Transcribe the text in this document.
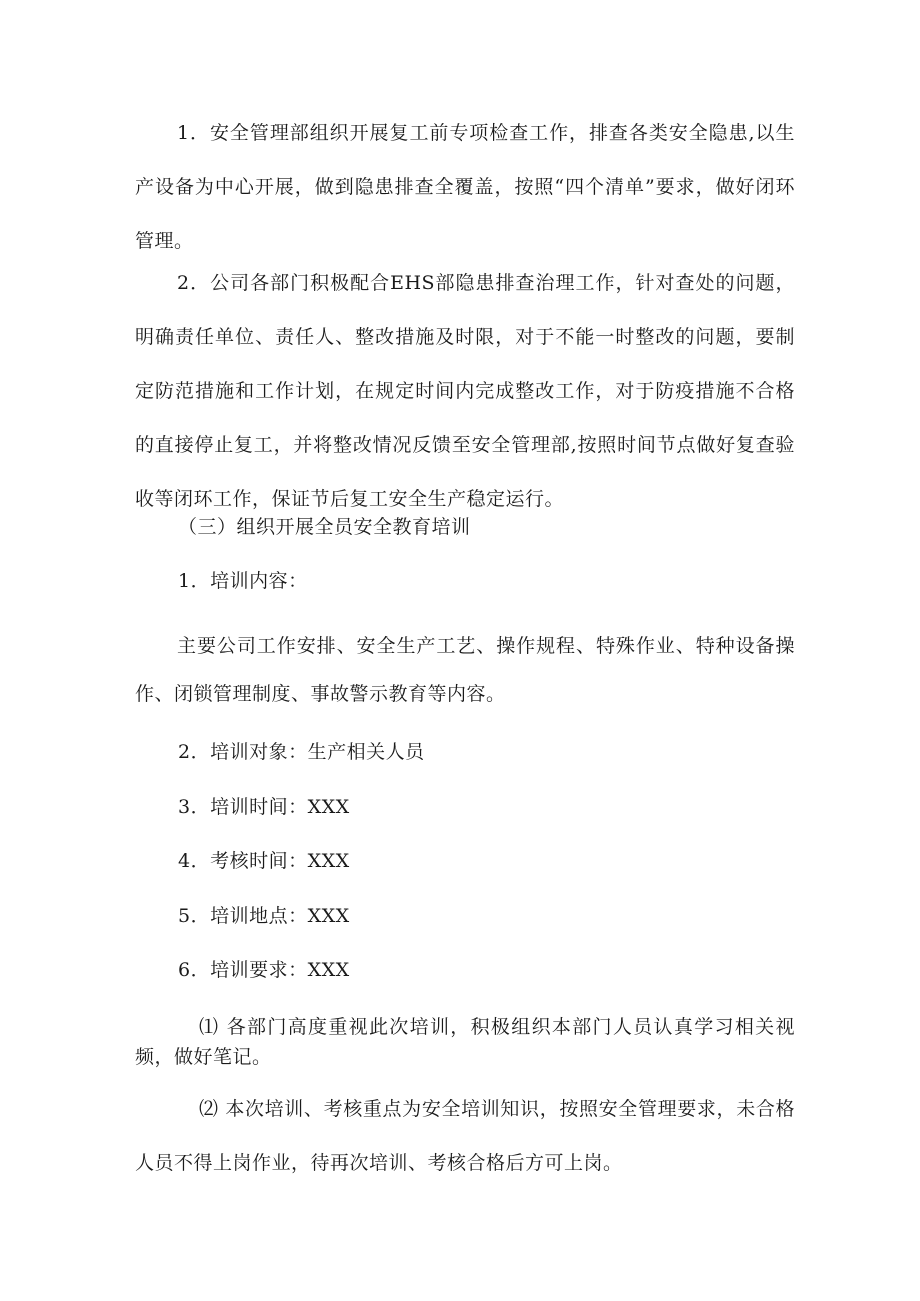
1．安全管理部组织开展复工前专项检查工作，排查各类安全隐患,以生产设备为中心开展，做到隐患排查全覆盖，按照“四个清单”要求，做好闭环管理。

2．公司各部门积极配合EHS部隐患排查治理工作，针对查处的问题，明确责任单位、责任人、整改措施及时限，对于不能一时整改的问题，要制定防范措施和工作计划，在规定时间内完成整改工作，对于防疫措施不合格的直接停止复工，并将整改情况反馈至安全管理部,按照时间节点做好复查验收等闭环工作，保证节后复工安全生产稳定运行。

（三）组织开展全员安全教育培训

1．培训内容：

主要公司工作安排、安全生产工艺、操作规程、特殊作业、特种设备操作、闭锁管理制度、事故警示教育等内容。

2．培训对象：生产相关人员

3．培训时间：XXX

4．考核时间：XXX

5．培训地点：XXX

6．培训要求：XXX

⑴ 各部门高度重视此次培训，积极组织本部门人员认真学习相关视频，做好笔记。

⑵ 本次培训、考核重点为安全培训知识，按照安全管理要求，未合格人员不得上岗作业，待再次培训、考核合格后方可上岗。
